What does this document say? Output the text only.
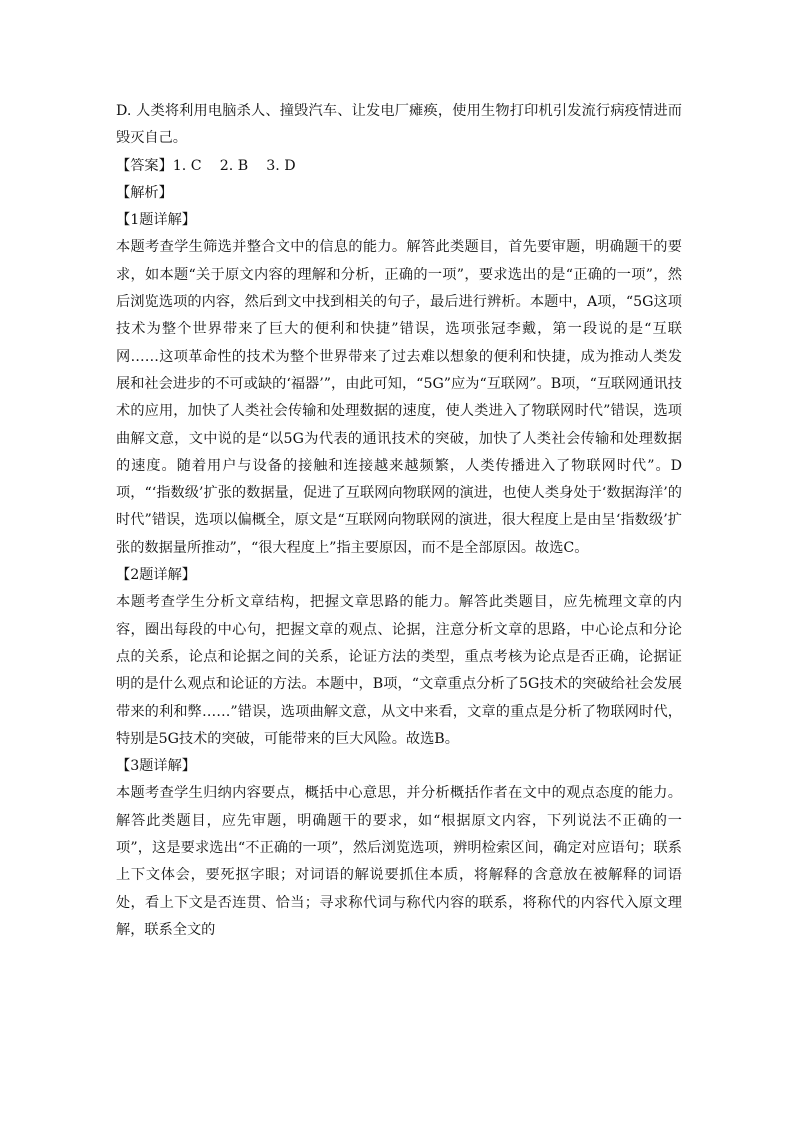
D. 人类将利用电脑杀人、撞毁汽车、让发电厂瘫痪，使用生物打印机引发流行病疫情进而毁灭自己。

【答案】1. C    2. B    3. D

【解析】

【1题详解】

本题考查学生筛选并整合文中的信息的能力。解答此类题目，首先要审题，明确题干的要求，如本题“关于原文内容的理解和分析，正确的一项”，要求选出的是“正确的一项”，然后浏览选项的内容，然后到文中找到相关的句子，最后进行辨析。本题中，A项，“5G这项技术为整个世界带来了巨大的便利和快捷”错误，选项张冠李戴，第一段说的是“互联网……这项革命性的技术为整个世界带来了过去难以想象的便利和快捷，成为推动人类发展和社会进步的不可或缺的‘福器’”，由此可知，“5G”应为“互联网”。B项，“互联网通讯技术的应用，加快了人类社会传输和处理数据的速度，使人类进入了物联网时代”错误，选项曲解文意，文中说的是“以5G为代表的通讯技术的突破，加快了人类社会传输和处理数据的速度。随着用户与设备的接触和连接越来越频繁，人类传播进入了物联网时代”。D项，“‘指数级’扩张的数据量，促进了互联网向物联网的演进，也使人类身处于‘数据海洋’的时代”错误，选项以偏概全，原文是“互联网向物联网的演进，很大程度上是由呈‘指数级’扩张的数据量所推动”，“很大程度上”指主要原因，而不是全部原因。故选C。

【2题详解】

本题考查学生分析文章结构，把握文章思路的能力。解答此类题目，应先梳理文章的内容，圈出每段的中心句，把握文章的观点、论据，注意分析文章的思路，中心论点和分论点的关系，论点和论据之间的关系，论证方法的类型，重点考核为论点是否正确，论据证明的是什么观点和论证的方法。本题中，B项，“文章重点分析了5G技术的突破给社会发展带来的利和弊……”错误，选项曲解文意，从文中来看，文章的重点是分析了物联网时代，特别是5G技术的突破，可能带来的巨大风险。故选B。

【3题详解】

本题考查学生归纳内容要点，概括中心意思，并分析概括作者在文中的观点态度的能力。解答此类题目，应先审题，明确题干的要求，如“根据原文内容，下列说法不正确的一项”，这是要求选出“不正确的一项”，然后浏览选项，辨明检索区间，确定对应语句；联系上下文体会，要死抠字眼；对词语的解说要抓住本质，将解释的含意放在被解释的词语处，看上下文是否连贯、恰当；寻求称代词与称代内容的联系，将称代的内容代入原文理解，联系全文的
